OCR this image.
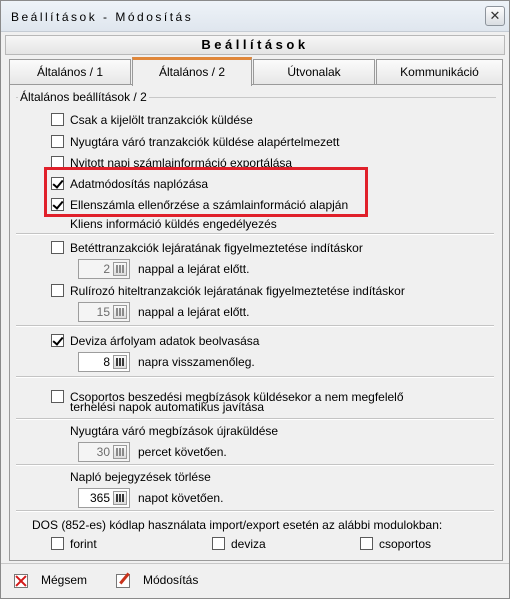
Beállítások - Módosítás	✕
Beállítások
Általános / 1	Általános / 2	Útvonalak	Kommunikáció
Általános beállítások / 2
Csak a kijelölt tranzakciók küldése
Nyugtára váró tranzakciók küldése alapértelmezett
Nyitott napi számlainformáció exportálása
Adatmódosítás naplózása
Ellenszámla ellenőrzése a számlainformáció alapján
Kliens információ küldés engedélyezés
Betéttranzakciók lejáratának figyelmeztetése indításkor
2 nappal a lejárat előtt.
Rulírozó hiteltranzakciók lejáratának figyelmeztetése indításkor
15 nappal a lejárat előtt.
Deviza árfolyam adatok beolvasása
8 napra visszamenőleg.
Csoportos beszedési megbízások küldésekor a nem megfelelő
terhelési napok automatikus javítása
Nyugtára váró megbízások újraküldése
30 percet követően.
Napló bejegyzések törlése
365 napot követően.
DOS (852-es) kódlap használata import/export esetén az alábbi modulokban:
forint	deviza	csoportos
Mégsem	Módosítás
